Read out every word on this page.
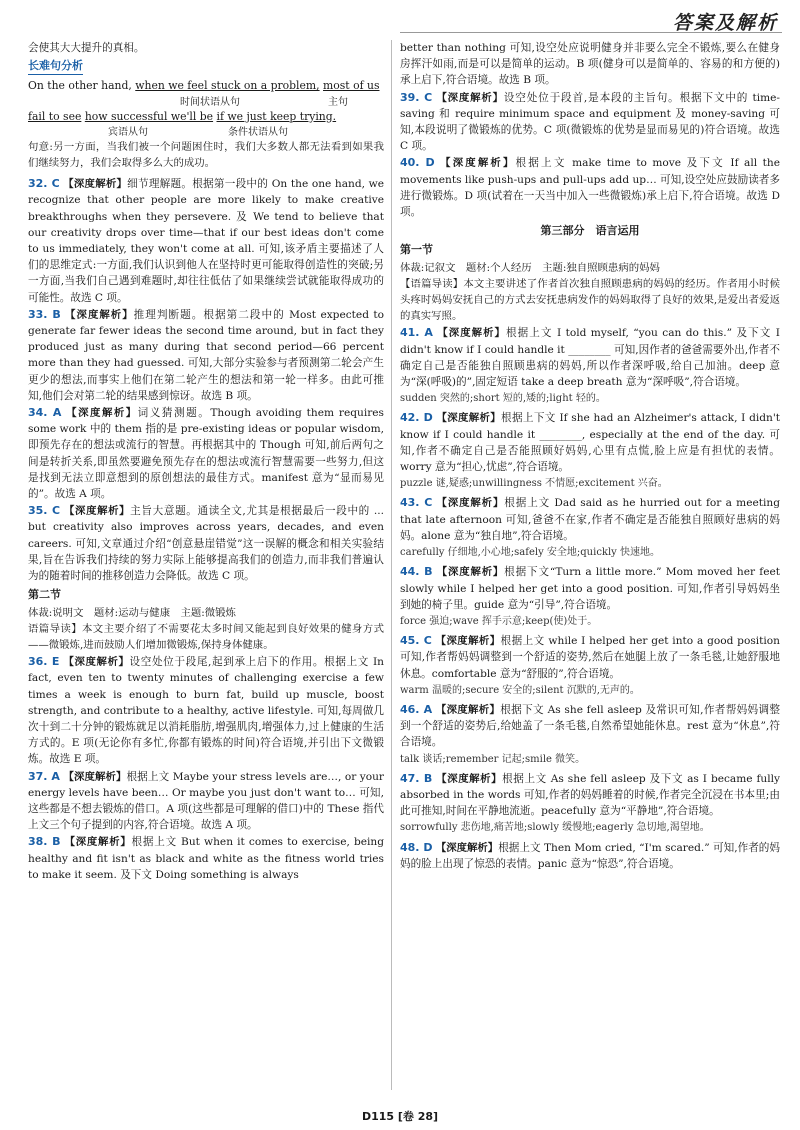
答案及解析

会使其大大提升的真相。

长难句分析
On the other hand, when we feel stuck on a problem, most of us
时间状语从句	主句
fail to see how successful we'll be if we just keep trying.
宾语从句	条件状语从句

句意:另一方面，当我们被一个问题困住时，我们大多数人都无法看到如果我们继续努力，我们会取得多么大的成功。

32. C 【深度解析】细节理解题。根据第一段中的 On the one hand, we recognize that other people are more likely to make creative breakthroughs when they persevere. 及 We tend to believe that our creativity drops over time—that if our best ideas don't come to us immediately, they won't come at all. 可知,该矛盾主要描述了人们的思维定式:一方面,我们认识到他人在坚持时更可能取得创造性的突破;另一方面,当我们自己遇到难题时,却往往低估了如果继续尝试就能取得成功的可能性。故选 C 项。

33. B 【深度解析】推理判断题。根据第二段中的 Most expected to generate far fewer ideas the second time around, but in fact they produced just as many during that second period—66 percent more than they had guessed. 可知,大部分实验参与者预测第二轮会产生更少的想法,而事实上他们在第二轮产生的想法和第一轮一样多。由此可推知,他们会对第二轮的结果感到惊讶。故选 B 项。

34. A 【深度解析】词义猜测题。Though avoiding them requires some work 中的 them 指的是 pre-existing ideas or popular wisdom,即预先存在的想法或流行的智慧。再根据其中的 Though 可知,前后两句之间是转折关系,即虽然要避免预先存在的想法或流行智慧需要一些努力,但这是找到无法立即意想到的原创想法的最佳方式。manifest 意为“显而易见的”。故选 A 项。

35. C 【深度解析】主旨大意题。通读全文,尤其是根据最后一段中的 ... but creativity also improves across years, decades, and even careers. 可知,文章通过介绍“创意悬崖错觉”这一误解的概念和相关实验结果,旨在告诉我们持续的努力实际上能够提高我们的创造力,而非我们普遍认为的随着时间的推移创造力会降低。故选 C 项。

第二节

体裁:说明文　题材:运动与健康　主题:微锻炼

语篇导读】本文主要介绍了不需要花太多时间又能起到良好效果的健身方式——微锻炼,进而鼓励人们增加微锻炼,保持身体健康。

36. E 【深度解析】设空处位于段尾,起到承上启下的作用。根据上文 In fact, even ten to twenty minutes of challenging exercise a few times a week is enough to burn fat, build up muscle, boost strength, and contribute to a healthy, active lifestyle. 可知,每周做几次十到二十分钟的锻炼就足以消耗脂肪,增强肌肉,增强体力,过上健康的生活方式的。E 项(无论你有多忙,你都有锻炼的时间)符合语境,并引出下文微锻炼。故选 E 项。

37. A 【深度解析】根据上文 Maybe your stress levels are…, or your energy levels have been… Or maybe you just don't want to… 可知,这些都是不想去锻炼的借口。A 项(这些都是可理解的借口)中的 These 指代上文三个句子提到的内容,符合语境。故选 A 项。

38. B 【深度解析】根据上文 But when it comes to exercise, being healthy and fit isn't as black and white as the fitness world tries to make it seem. 及下文 Doing something is always

better than nothing 可知,设空处应说明健身并非要么完全不锻炼,要么在健身房挥汗如雨,而是可以是简单的运动。B 项(健身可以是简单的、容易的和方便的)承上启下,符合语境。故选 B 项。

39. C 【深度解析】设空处位于段首,是本段的主旨句。根据下文中的 time-saving 和 require minimum space and equipment 及 money-saving 可知,本段说明了微锻炼的优势。C 项(微锻炼的优势是显而易见的)符合语境。故选 C 项。

40. D 【深度解析】根据上文 make time to move 及下文 If all the movements like push-ups and pull-ups add up… 可知,设空处应鼓励读者多进行微锻炼。D 项(试着在一天当中加入一些微锻炼)承上启下,符合语境。故选 D 项。

第三部分　语言运用

第一节

体裁:记叙文　题材:个人经历　主题:独自照顾患病的妈妈

【语篇导读】本文主要讲述了作者首次独自照顾患病的妈妈的经历。作者用小时候头疼时妈妈安抚自己的方式去安抚患病发作的妈妈取得了良好的效果,是爱出者爱返的真实写照。

41. A 【深度解析】根据上文 I told myself, “you can do this.” 及下文 I didn't know if I could handle it ________ 可知,因作者的爸爸需要外出,作者不确定自己是否能独自照顾患病的妈妈,所以作者深呼吸,给自己加油。deep 意为“深(呼吸)的”,固定短语 take a deep breath 意为“深呼吸”,符合语境。

sudden 突然的;short 短的,矮的;light 轻的。

42. D 【深度解析】根据上下文 If she had an Alzheimer's attack, I didn't know if I could handle it ________, especially at the end of the day. 可知,作者不确定自己是否能照顾好妈妈,心里有点慌,脸上应是有担忧的表情。worry 意为“担心,忧虑”,符合语境。

puzzle 谜,疑惑;unwillingness 不情愿;excitement 兴奋。

43. C 【深度解析】根据上文 Dad said as he hurried out for a meeting that late afternoon 可知,爸爸不在家,作者不确定是否能独自照顾好患病的妈妈。alone 意为“独自地”,符合语境。

carefully 仔细地,小心地;safely 安全地;quickly 快速地。

44. B 【深度解析】根据下文“Turn a little more.” Mom moved her feet slowly while I helped her get into a good position. 可知,作者引导妈妈坐到她的椅子里。guide 意为“引导”,符合语境。

force 强迫;wave 挥手示意;keep(使)处于。

45. C 【深度解析】根据上文 while I helped her get into a good position 可知,作者帮妈妈调整到一个舒适的姿势,然后在她腿上放了一条毛毯,让她舒服地休息。comfortable 意为“舒服的”,符合语境。

warm 温暖的;secure 安全的;silent 沉默的,无声的。

46. A 【深度解析】根据下文 As she fell asleep 及常识可知,作者帮妈妈调整到一个舒适的姿势后,给她盖了一条毛毯,自然希望她能休息。rest 意为“休息”,符合语境。

talk 谈话;remember 记起;smile 微笑。

47. B 【深度解析】根据上文 As she fell asleep 及下文 as I became fully absorbed in the words 可知,作者的妈妈睡着的时候,作者完全沉浸在书本里;由此可推知,时间在平静地流逝。peacefully 意为“平静地”,符合语境。

sorrowfully 悲伤地,痛苦地;slowly 缓慢地;eagerly 急切地,渴望地。

48. D 【深度解析】根据上文 Then Mom cried, “I'm scared.” 可知,作者的妈妈的脸上出现了惊恐的表情。panic 意为“惊恐”,符合语境。

D115 [卷 28]
